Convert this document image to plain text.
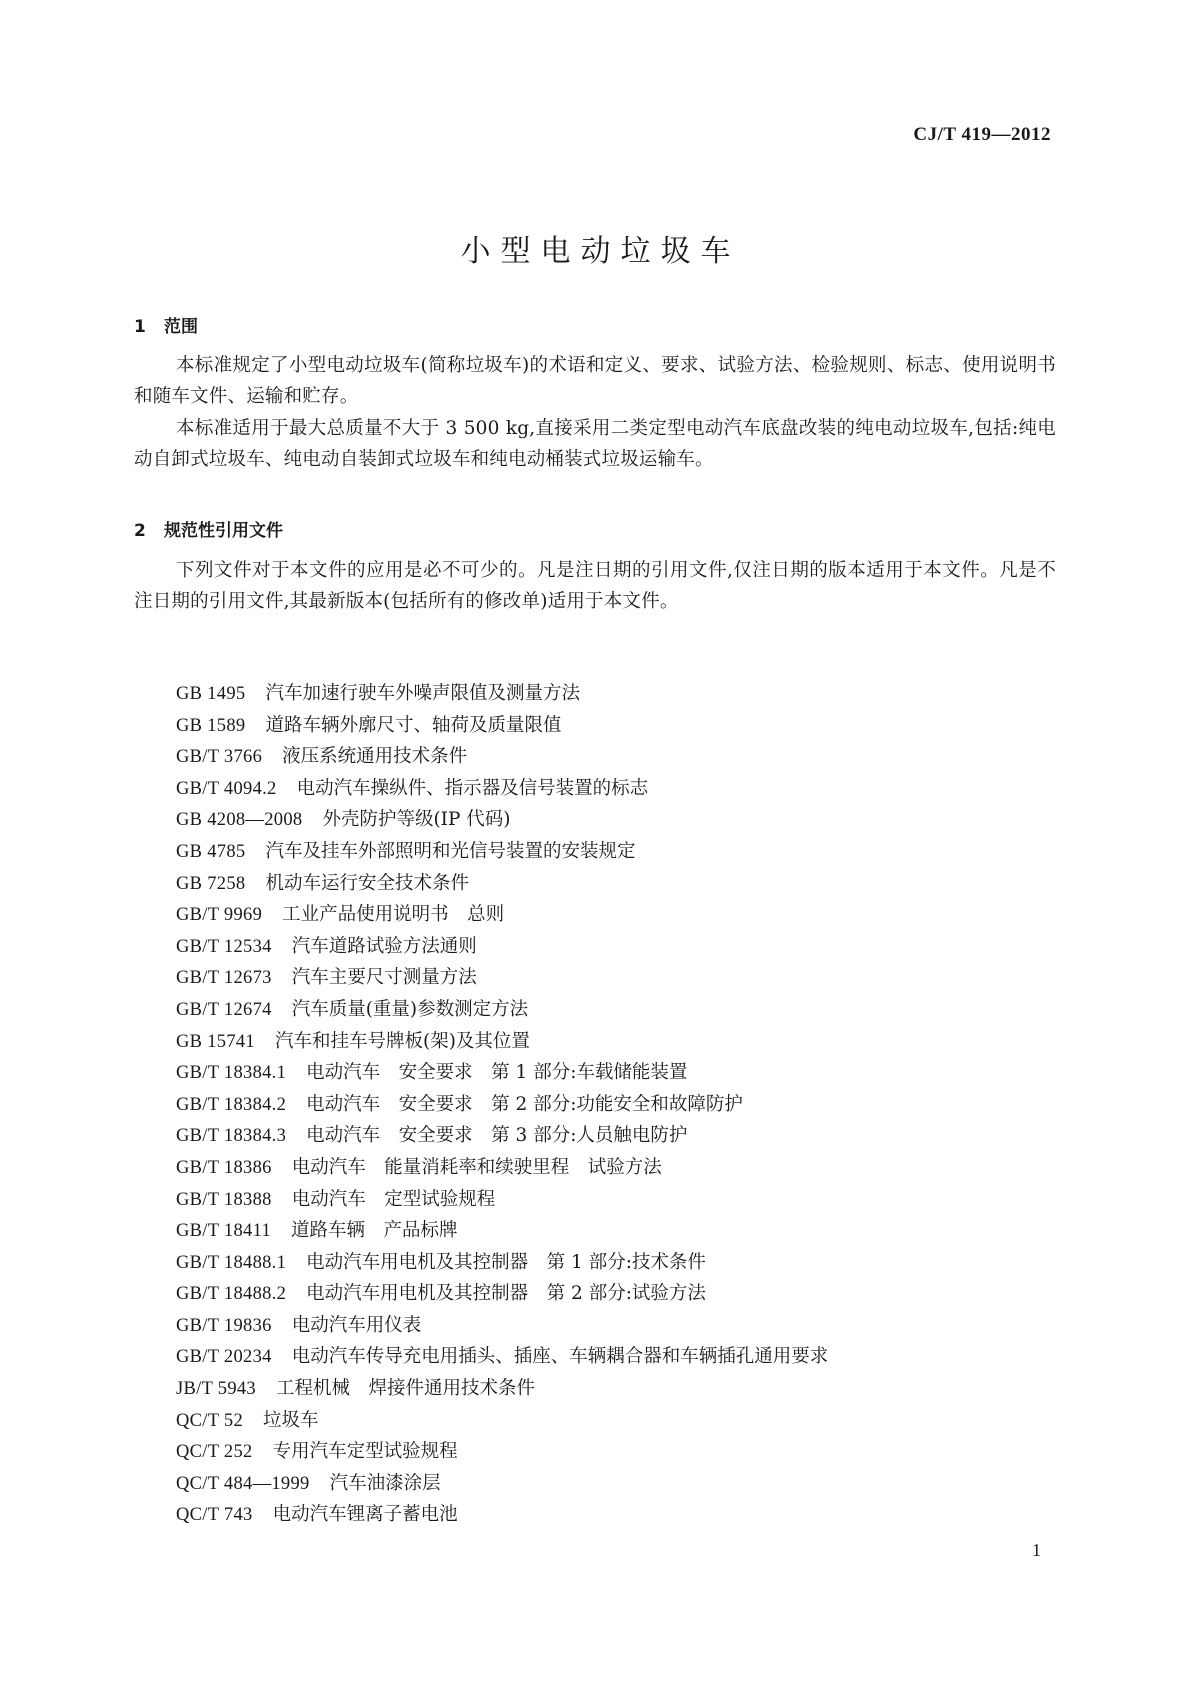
CJ/T 419—2012
小型电动垃圾车
1 范围

本标准规定了小型电动垃圾车(简称垃圾车)的术语和定义、要求、试验方法、检验规则、标志、使用说明书和随车文件、运输和贮存。

本标准适用于最大总质量不大于 3 500 kg,直接采用二类定型电动汽车底盘改装的纯电动垃圾车,包括:纯电动自卸式垃圾车、纯电动自装卸式垃圾车和纯电动桶装式垃圾运输车。

2 规范性引用文件

下列文件对于本文件的应用是必不可少的。凡是注日期的引用文件,仅注日期的版本适用于本文件。凡是不注日期的引用文件,其最新版本(包括所有的修改单)适用于本文件。

GB 1495 汽车加速行驶车外噪声限值及测量方法
GB 1589 道路车辆外廓尺寸、轴荷及质量限值
GB/T 3766 液压系统通用技术条件
GB/T 4094.2 电动汽车操纵件、指示器及信号装置的标志
GB 4208—2008 外壳防护等级(IP 代码)
GB 4785 汽车及挂车外部照明和光信号装置的安装规定
GB 7258 机动车运行安全技术条件
GB/T 9969 工业产品使用说明书　总则
GB/T 12534 汽车道路试验方法通则
GB/T 12673 汽车主要尺寸测量方法
GB/T 12674 汽车质量(重量)参数测定方法
GB 15741 汽车和挂车号牌板(架)及其位置
GB/T 18384.1 电动汽车　安全要求　第 1 部分:车载储能装置
GB/T 18384.2 电动汽车　安全要求　第 2 部分:功能安全和故障防护
GB/T 18384.3 电动汽车　安全要求　第 3 部分:人员触电防护
GB/T 18386 电动汽车　能量消耗率和续驶里程　试验方法
GB/T 18388 电动汽车　定型试验规程
GB/T 18411 道路车辆　产品标牌
GB/T 18488.1 电动汽车用电机及其控制器　第 1 部分:技术条件
GB/T 18488.2 电动汽车用电机及其控制器　第 2 部分:试验方法
GB/T 19836 电动汽车用仪表
GB/T 20234 电动汽车传导充电用插头、插座、车辆耦合器和车辆插孔通用要求
JB/T 5943 工程机械　焊接件通用技术条件
QC/T 52 垃圾车
QC/T 252 专用汽车定型试验规程
QC/T 484—1999 汽车油漆涂层
QC/T 743 电动汽车锂离子蓄电池
1
